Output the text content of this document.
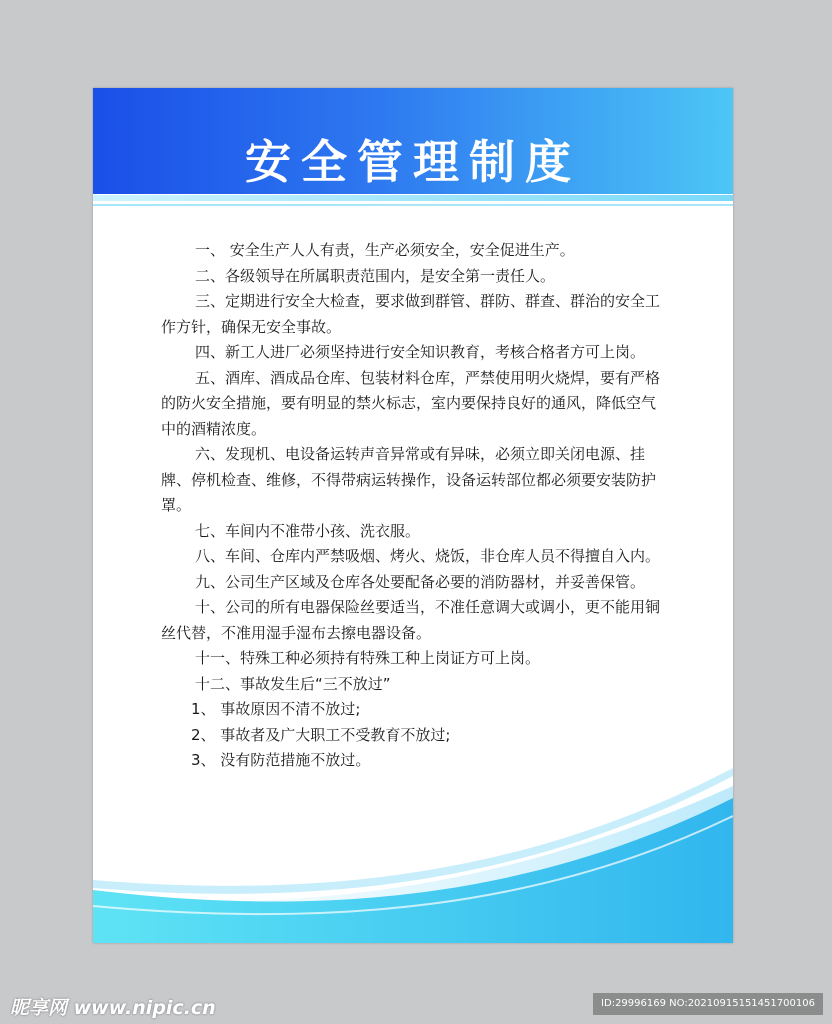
安全管理制度

一、 安全生产人人有责，生产必须安全，安全促进生产。

二、各级领导在所属职责范围内，是安全第一责任人。

三、定期进行安全大检查，要求做到群管、群防、群查、群治的安全工作方针，确保无安全事故。

四、新工人进厂必须坚持进行安全知识教育，考核合格者方可上岗。

五、酒库、酒成品仓库、包装材料仓库，严禁使用明火烧焊，要有严格的防火安全措施，要有明显的禁火标志，室内要保持良好的通风，降低空气中的酒精浓度。

六、发现机、电设备运转声音异常或有异味，必须立即关闭电源、挂牌、停机检查、维修，不得带病运转操作，设备运转部位都必须要安装防护罩。

七、车间内不准带小孩、洗衣服。

八、车间、仓库内严禁吸烟、烤火、烧饭，非仓库人员不得擅自入内。

九、公司生产区域及仓库各处要配备必要的消防器材，并妥善保管。

十、公司的所有电器保险丝要适当，不准任意调大或调小，更不能用铜丝代替，不准用湿手湿布去擦电器设备。

十一、特殊工种必须持有特殊工种上岗证方可上岗。

十二、事故发生后“三不放过”

1、 事故原因不清不放过;

2、 事故者及广大职工不受教育不放过;

3、 没有防范措施不放过。

昵享网 www.nipic.cn	ID:29996169 NO:20210915151451700106
